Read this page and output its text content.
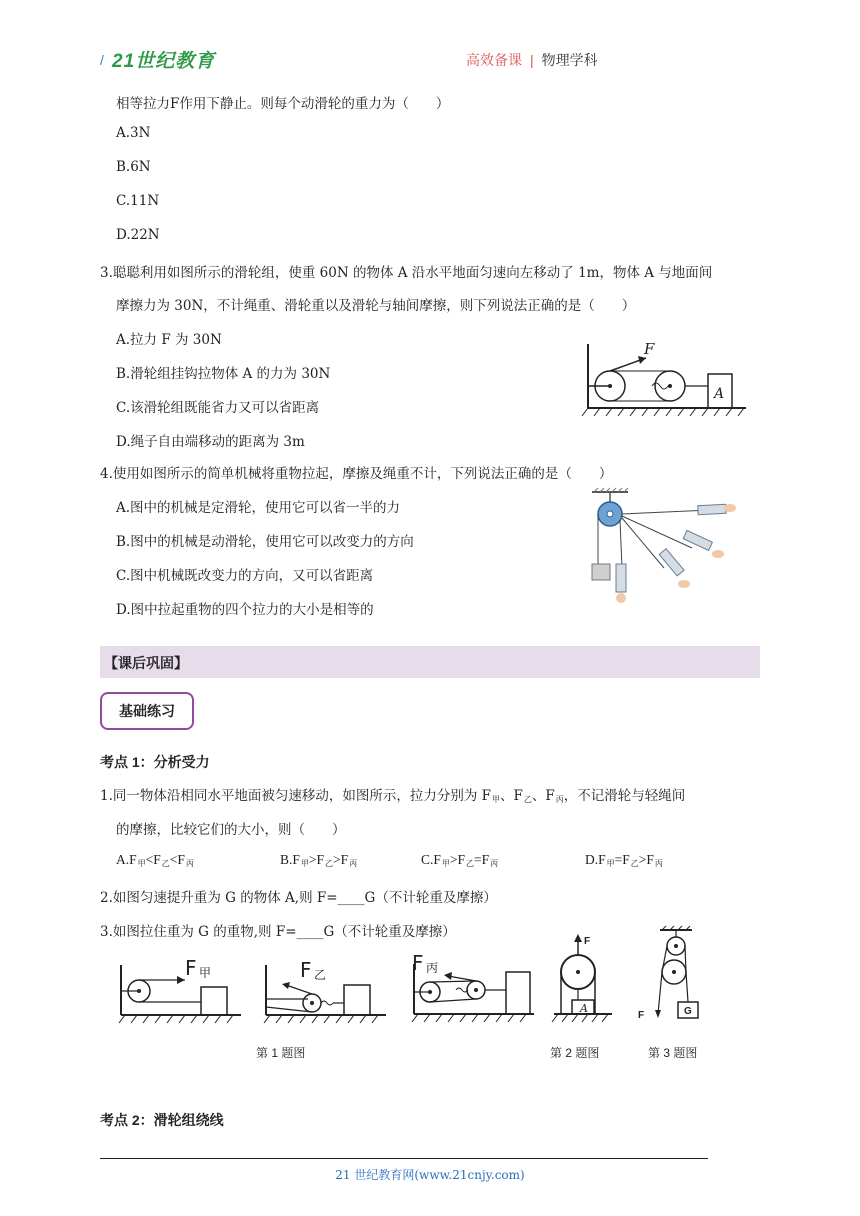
/ 21世纪教育	高效备课 | 物理学科
相等拉力F作用下静止。则每个动滑轮的重力为（　　）
A.3N
B.6N
C.11N
D.22N
3.聪聪利用如图所示的滑轮组，使重 60N 的物体 A 沿水平地面匀速向左移动了 1m，物体 A 与地面间
摩擦力为 30N，不计绳重、滑轮重以及滑轮与轴间摩擦，则下列说法正确的是（　　）
A.拉力 F 为 30N
B.滑轮组挂钩拉物体 A 的力为 30N
C.该滑轮组既能省力又可以省距离
D.绳子自由端移动的距离为 3m
F
A
4.使用如图所示的简单机械将重物拉起，摩擦及绳重不计，下列说法正确的是（　　）
A.图中的机械是定滑轮，使用它可以省一半的力
B.图中的机械是动滑轮，使用它可以改变力的方向
C.图中机械既改变力的方向，又可以省距离
D.图中拉起重物的四个拉力的大小是相等的
【课后巩固】
基础练习
考点 1：分析受力
1.同一物体沿相同水平地面被匀速移动，如图所示，拉力分别为 $F_甲$、$F_乙$、$F_丙$，不记滑轮与轻绳间
的摩擦，比较它们的大小，则（　　）
$A.F_甲<F_乙<F_丙$	$B.F_甲>F_乙>F_丙$	$C.F_甲>F_乙=F_丙$	$D.F_甲=F_乙>F_丙$
2.如图匀速提升重为 G 的物体 A,则 F=____G（不计轮重及摩擦）
3.如图拉住重为 G 的重物,则 F=____G（不计轮重及摩擦）
F 甲	F 乙	F 丙
F
A
F	G
第 1 题图	第 2 题图	第 3 题图
考点 2：滑轮组绕线
21 世纪教育网(www.21cnjy.com)
